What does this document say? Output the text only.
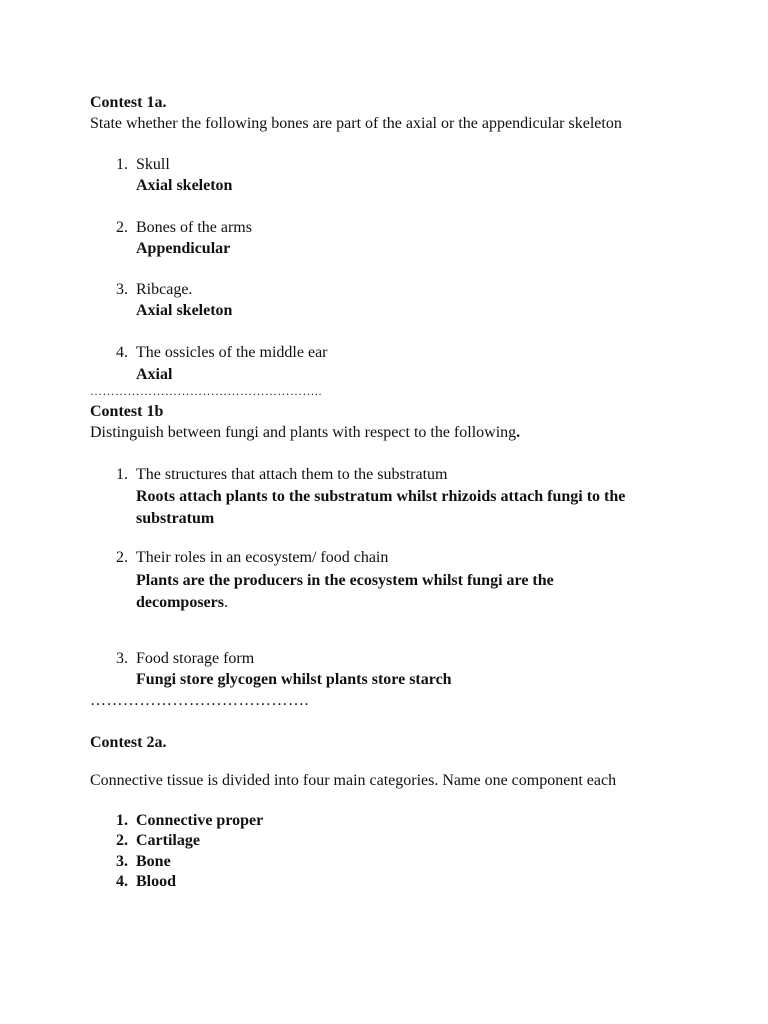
Contest 1a.
State whether the following bones are part of the axial or the appendicular skeleton
1. Skull
Axial skeleton
2. Bones of the arms
Appendicular
3. Ribcage.
Axial skeleton
4. The ossicles of the middle ear
Axial
………………………………………………..
Contest 1b
Distinguish between fungi and plants with respect to the following.
1. The structures that attach them to the substratum
Roots attach plants to the substratum whilst rhizoids attach fungi to the substratum
2. Their roles in an ecosystem/ food chain
Plants are the producers in the ecosystem whilst fungi are the decomposers.
3. Food storage form
Fungi store glycogen whilst plants store starch
………………………………….
Contest 2a.
Connective tissue is divided into four main categories. Name one component each
1. Connective proper
2. Cartilage
3. Bone
4. Blood
